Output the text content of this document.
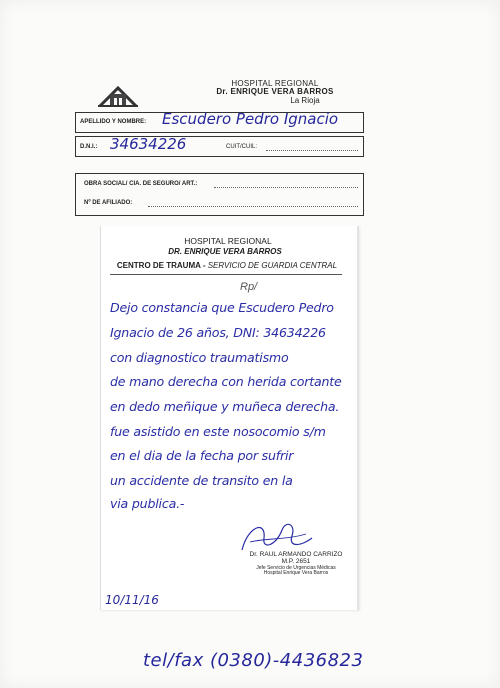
HOSPITAL REGIONAL
Dr. ENRIQUE VERA BARROS
La Rioja
APELLIDO Y NOMBRE: Escudero Pedro Ignacio
D.N.I.: 34634226	CUIT/CUIL:
OBRA SOCIAL/ CIA. DE SEGURO/ ART.:
Nº DE AFILIADO:
HOSPITAL REGIONAL
DR. ENRIQUE VERA BARROS
CENTRO DE TRAUMA - SERVICIO DE GUARDIA CENTRAL
Rp/
Dejo constancia que Escudero Pedro
Ignacio de 26 años, DNI: 34634226
con diagnostico traumatismo
de mano derecha con herida cortante
en dedo meñique y muñeca derecha.
fue asistido en este nosocomio s/m
en el dia de la fecha por sufrir
un accidente de transito en la
via publica.-
Dr. RAUL ARMANDO CARRIZO
M.P. 2651
Jefe Servicio de Urgencias Médicas
Hospital Enrique Vera Barros
10/11/16
tel/fax (0380)-4436823
